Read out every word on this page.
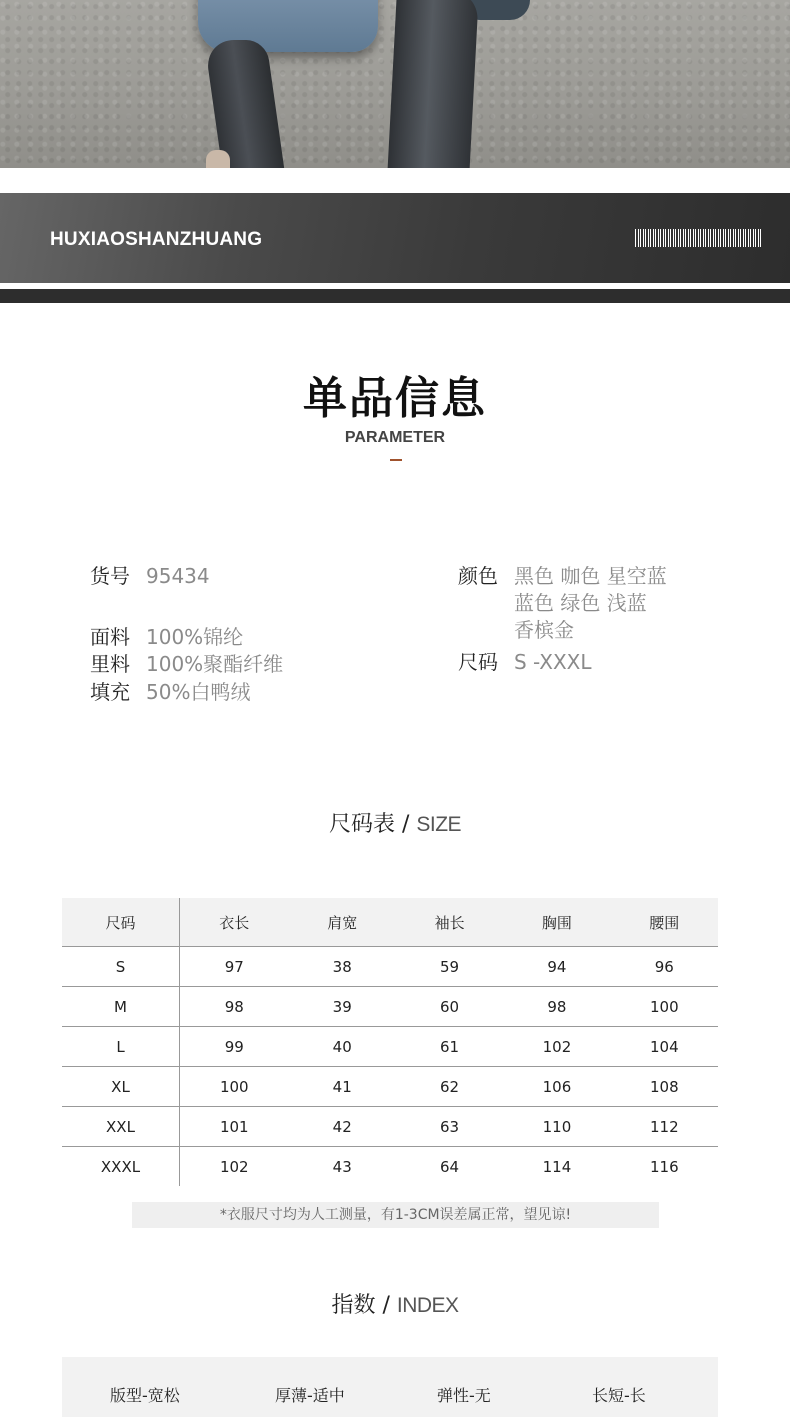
HUXIAOSHANZHUANG
单品信息
PARAMETER
货号 95434
面料 100%锦纶
里料 100%聚酯纤维
填充 50%白鸭绒
颜色 黑色 咖色 星空蓝
蓝色 绿色 浅蓝
香槟金
尺码 S -XXXL
尺码表 / SIZE
尺码	衣长	肩宽	袖长	胸围	腰围
S	97	38	59	94	96
M	98	39	60	98	100
L	99	40	61	102	104
XL	100	41	62	106	108
XXL	101	42	63	110	112
XXXL	102	43	64	114	116
*衣服尺寸均为人工测量，有1-3CM误差属正常，望见谅!
指数 / INDEX
版型-宽松	厚薄-适中	弹性-无	长短-长
